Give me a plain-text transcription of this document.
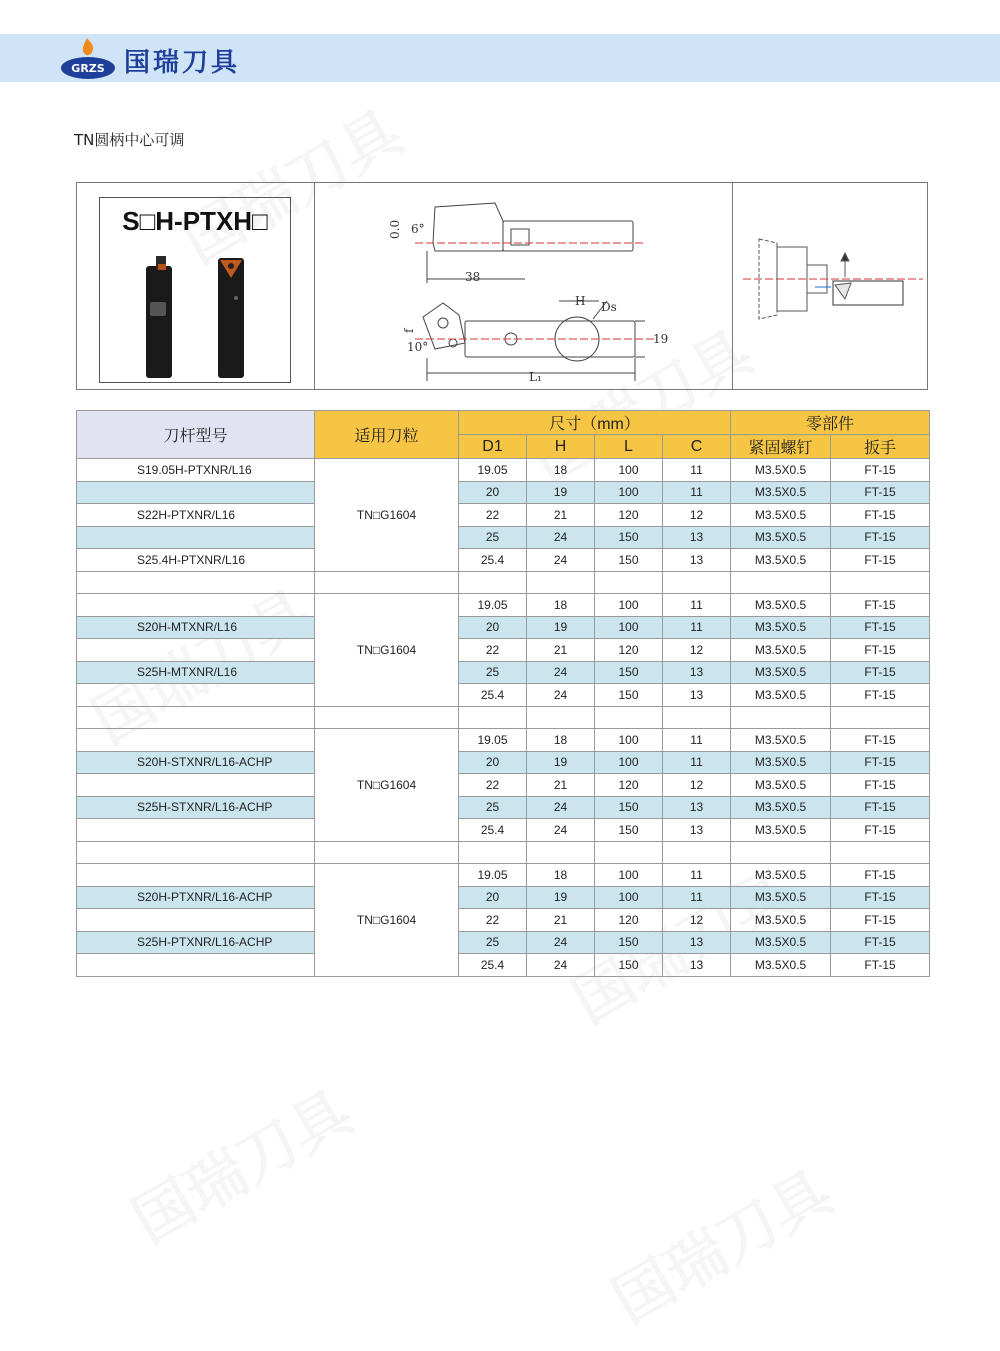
GRZS 国瑞刀具
TN圆柄中心可调
S□H-PTXH□	0.0 6°
38
H Ds
f
10°
19
L₁
刀杆型号	适用刀粒	尺寸（mm）				零部件	
		D1	H	L	C	紧固螺钉	扳手
S19.05H-PTXNR/L16	TN□G1604	19.05	18	100	11	M3.5X0.5	FT-15
		20	19	100	11	M3.5X0.5	FT-15
S22H-PTXNR/L16		22	21	120	12	M3.5X0.5	FT-15
		25	24	150	13	M3.5X0.5	FT-15
S25.4H-PTXNR/L16		25.4	24	150	13	M3.5X0.5	FT-15

	TN□G1604	19.05	18	100	11	M3.5X0.5	FT-15
S20H-MTXNR/L16		20	19	100	11	M3.5X0.5	FT-15
		22	21	120	12	M3.5X0.5	FT-15
S25H-MTXNR/L16		25	24	150	13	M3.5X0.5	FT-15
		25.4	24	150	13	M3.5X0.5	FT-15

	TN□G1604	19.05	18	100	11	M3.5X0.5	FT-15
S20H-STXNR/L16-ACHP		20	19	100	11	M3.5X0.5	FT-15
		22	21	120	12	M3.5X0.5	FT-15
S25H-STXNR/L16-ACHP		25	24	150	13	M3.5X0.5	FT-15
		25.4	24	150	13	M3.5X0.5	FT-15

	TN□G1604	19.05	18	100	11	M3.5X0.5	FT-15
S20H-PTXNR/L16-ACHP		20	19	100	11	M3.5X0.5	FT-15
		22	21	120	12	M3.5X0.5	FT-15
S25H-PTXNR/L16-ACHP		25	24	150	13	M3.5X0.5	FT-15
		25.4	24	150	13	M3.5X0.5	FT-15
